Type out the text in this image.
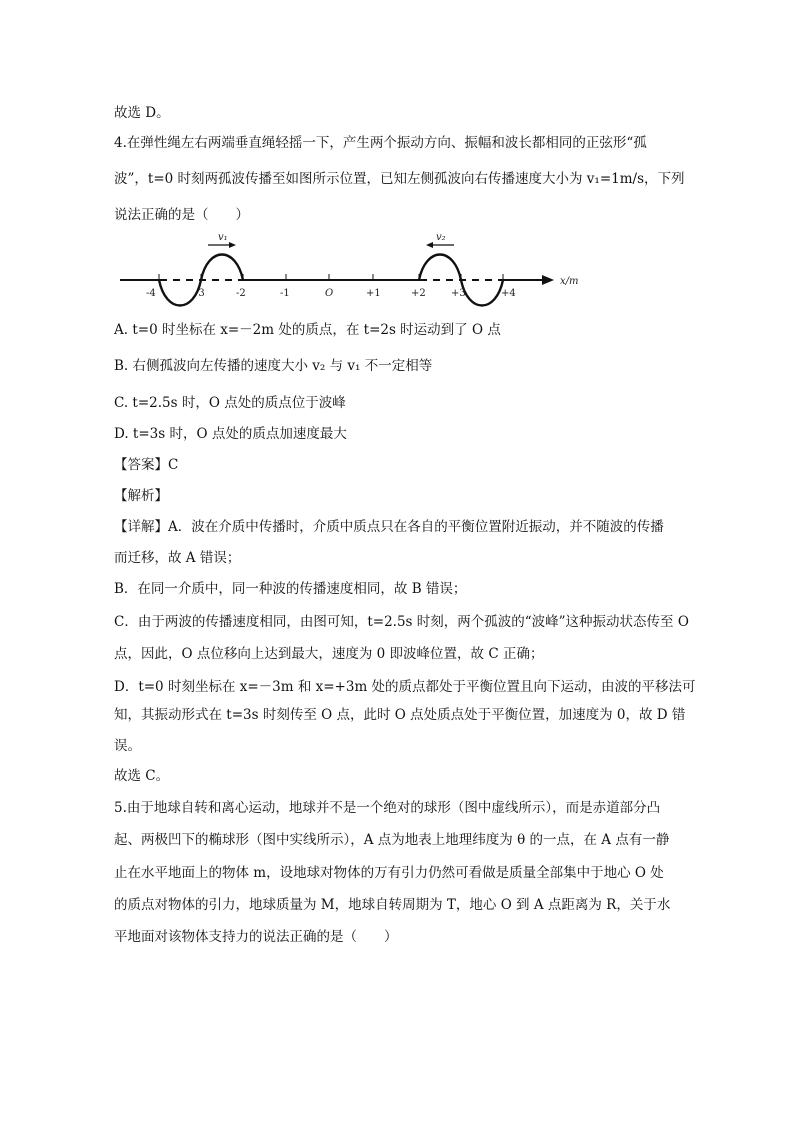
故选 D。
4.在弹性绳左右两端垂直绳轻摇一下，产生两个振动方向、振幅和波长都相同的正弦形“孤
波”，t=0 时刻两孤波传播至如图所示位置，已知左侧孤波向右传播速度大小为 v₁=1m/s，下列
说法正确的是（　　）
x/m
-4	-3	-2	-1	O	+1	+2	+3	+4
v₁	v₂
A. t=0 时坐标在 x=－2m 处的质点，在 t=2s 时运动到了 O 点
B. 右侧孤波向左传播的速度大小 v₂ 与 v₁ 不一定相等
C. t=2.5s 时，O 点处的质点位于波峰
D. t=3s 时，O 点处的质点加速度最大
【答案】C
【解析】
【详解】A．波在介质中传播时，介质中质点只在各自的平衡位置附近振动，并不随波的传播
而迁移，故 A 错误；
B．在同一介质中，同一种波的传播速度相同，故 B 错误；
C．由于两波的传播速度相同，由图可知，t=2.5s 时刻，两个孤波的“波峰”这种振动状态传至 O
点，因此，O 点位移向上达到最大，速度为 0 即波峰位置，故 C 正确；
D．t=0 时刻坐标在 x=－3m 和 x=+3m 处的质点都处于平衡位置且向下运动，由波的平移法可
知，其振动形式在 t=3s 时刻传至 O 点，此时 O 点处质点处于平衡位置，加速度为 0，故 D 错
误。
故选 C。
5.由于地球自转和离心运动，地球并不是一个绝对的球形（图中虚线所示），而是赤道部分凸
起、两极凹下的椭球形（图中实线所示），A 点为地表上地理纬度为 θ 的一点，在 A 点有一静
止在水平地面上的物体 m，设地球对物体的万有引力仍然可看做是质量全部集中于地心 O 处
的质点对物体的引力，地球质量为 M，地球自转周期为 T，地心 O 到 A 点距离为 R，关于水
平地面对该物体支持力的说法正确的是（　　）
